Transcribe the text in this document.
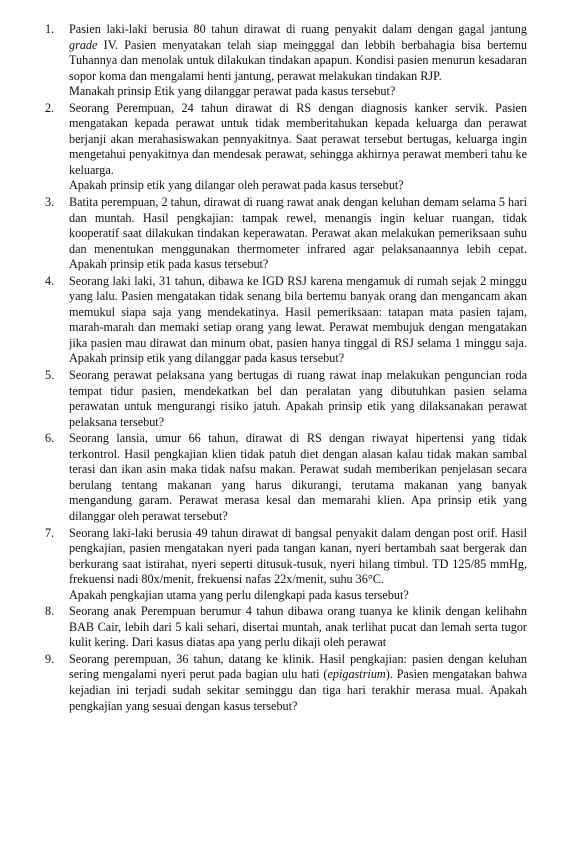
1. Pasien laki-laki berusia 80 tahun dirawat di ruang penyakit dalam dengan gagal jantung grade IV. Pasien menyatakan telah siap meingggal dan lebbih berbahagia bisa bertemu Tuhannya dan menolak untuk dilakukan tindakan apapun. Kondisi pasien menurun kesadaran sopor koma dan mengalami henti jantung, perawat melakukan tindakan RJP.

Manakah prinsip Etik yang dilanggar perawat pada kasus tersebut?

2. Seorang Perempuan, 24 tahun dirawat di RS dengan diagnosis kanker servik. Pasien mengatakan kepada perawat untuk tidak memberitahukan kepada keluarga dan perawat berjanji akan merahasiswakan pennyakitnya. Saat perawat tersebut bertugas, keluarga ingin mengetahui penyakitnya dan mendesak perawat, sehingga akhirnya perawat memberi tahu ke keluarga.

Apakah prinsip etik yang dilangar oleh perawat pada kasus tersebut?

3. Batita perempuan, 2 tahun, dirawat di ruang rawat anak dengan keluhan demam selama 5 hari dan muntah. Hasil pengkajian: tampak rewel, menangis ingin keluar ruangan, tidak kooperatif saat dilakukan tindakan keperawatan. Perawat akan melakukan pemeriksaan suhu dan menentukan menggunakan thermometer infrared agar pelaksanaannya lebih cepat. Apakah prinsip etik pada kasus tersebut?

4. Seorang laki laki, 31 tahun, dibawa ke IGD RSJ karena mengamuk di rumah sejak 2 minggu yang lalu. Pasien mengatakan tidak senang bila bertemu banyak orang dan mengancam akan memukul siapa saja yang mendekatinya. Hasil pemeriksaan: tatapan mata pasien tajam, marah-marah dan memaki setiap orang yang lewat. Perawat membujuk dengan mengatakan jika pasien mau dirawat dan minum obat, pasien hanya tinggal di RSJ selama 1 minggu saja. Apakah prinsip etik yang dilanggar pada kasus tersebut?

5. Seorang perawat pelaksana yang bertugas di ruang rawat inap melakukan penguncian roda tempat tidur pasien, mendekatkan bel dan peralatan yang dibutuhkan pasien selama perawatan untuk mengurangi risiko jatuh. Apakah prinsip etik yang dilaksanakan perawat pelaksana tersebut?

6. Seorang lansia, umur 66 tahun, dirawat di RS dengan riwayat hipertensi yang tidak terkontrol. Hasil pengkajian klien tidak patuh diet dengan alasan kalau tidak makan sambal terasi dan ikan asin maka tidak nafsu makan. Perawat sudah memberikan penjelasan secara berulang tentang makanan yang harus dikurangi, terutama makanan yang banyak mengandung garam. Perawat merasa kesal dan memarahi klien. Apa prinsip etik yang dilanggar oleh perawat tersebut?

7. Seorang laki-laki berusia 49 tahun dirawat di bangsal penyakit dalam dengan post orif. Hasil pengkajian, pasien mengatakan nyeri pada tangan kanan, nyeri bertambah saat bergerak dan berkurang saat istirahat, nyeri seperti ditusuk-tusuk, nyeri hilang timbul. TD 125/85 mmHg, frekuensi nadi 80x/menit, frekuensi nafas 22x/menit, suhu 36°C.

Apakah pengkajian utama yang perlu dilengkapi pada kasus tersebut?

8. Seorang anak Perempuan berumur 4 tahun dibawa orang tuanya ke klinik dengan kelihahn BAB Cair, lebih dari 5 kali sehari, disertai muntah, anak terlihat pucat dan lemah serta tugor kulit kering. Dari kasus diatas apa yang perlu dikaji oleh perawat

9. Seorang perempuan, 36 tahun, datang ke klinik. Hasil pengkajian: pasien dengan keluhan sering mengalami nyeri perut pada bagian ulu hati (epigastrium). Pasien mengatakan bahwa kejadian ini terjadi sudah sekitar seminggu dan tiga hari terakhir merasa mual. Apakah pengkajian yang sesuai dengan kasus tersebut?
